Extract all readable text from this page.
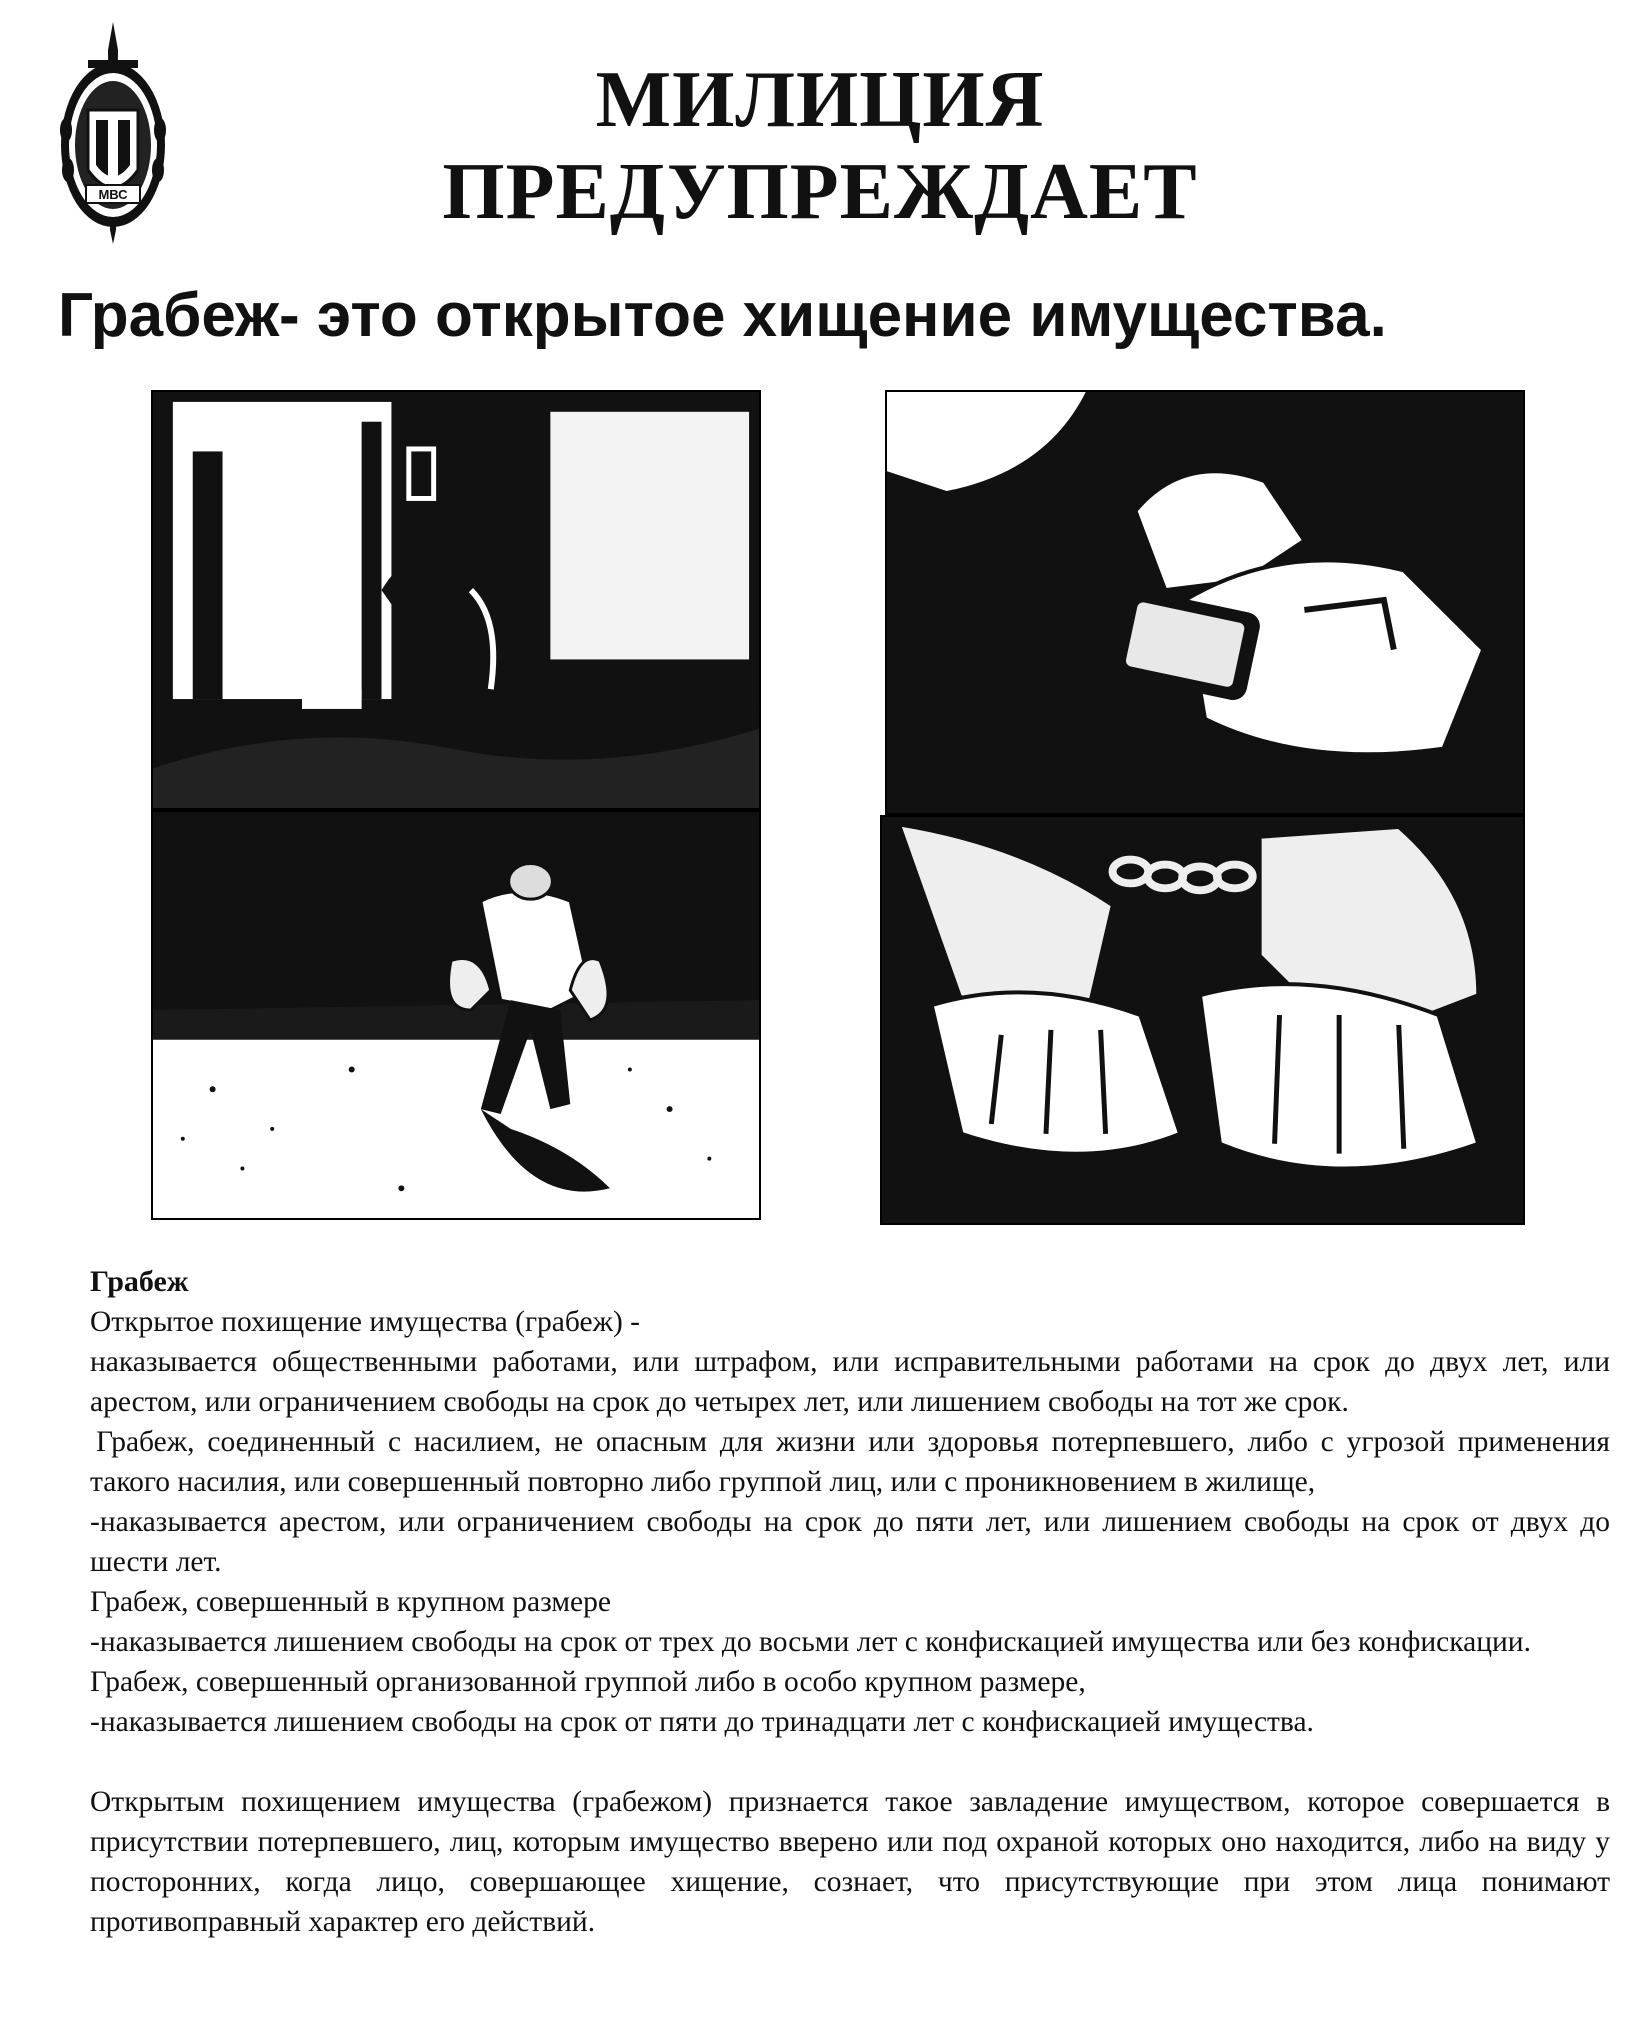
МВС
МИЛИЦИЯ
ПРЕДУПРЕЖДАЕТ
Грабеж- это открытое хищение имущества.

Грабеж

Открытое похищение имущества (грабеж) -

наказывается общественными работами, или штрафом, или исправительными работами на срок до двух лет, или арестом, или ограничением свободы на срок до четырех лет, или лишением свободы на тот же срок.

Грабеж, соединенный с насилием, не опасным для жизни или здоровья потерпевшего, либо с угрозой применения такого насилия, или совершенный повторно либо группой лиц, или с проникновением в жилище,

-наказывается арестом, или ограничением свободы на срок до пяти лет, или лишением свободы на срок от двух до шести лет.

Грабеж, совершенный в крупном размере

-наказывается лишением свободы на срок от трех до восьми лет с конфискацией имущества или без конфискации.

Грабеж, совершенный организованной группой либо в особо крупном размере,

-наказывается лишением свободы на срок от пяти до тринадцати лет с конфискацией имущества.

Открытым похищением имущества (грабежом) признается такое завладение имуществом, которое совершается в присутствии потерпевшего, лиц, которым имущество вверено или под охраной которых оно находится, либо на виду у посторонних, когда лицо, совершающее хищение, сознает, что присутствующие при этом лица понимают противоправный характер его действий.
